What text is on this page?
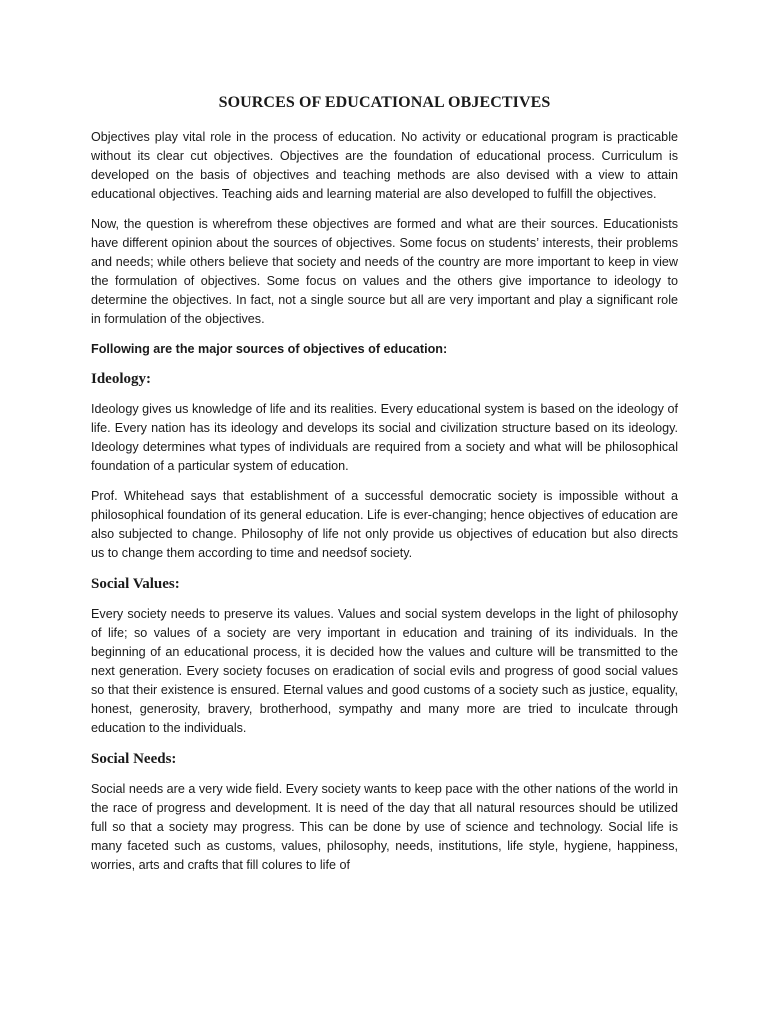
SOURCES OF EDUCATIONAL OBJECTIVES

Objectives play vital role in the process of education. No activity or educational program is practicable without its clear cut objectives. Objectives are the foundation of educational process. Curriculum is developed on the basis of objectives and teaching methods are also devised with a view to attain educational objectives. Teaching aids and learning material are also developed to fulfill the objectives.

Now, the question is wherefrom these objectives are formed and what are their sources. Educationists have different opinion about the sources of objectives. Some focus on students’ interests, their problems and needs; while others believe that society and needs of the country are more important to keep in view the formulation of objectives. Some focus on values and the others give importance to ideology to determine the objectives. In fact, not a single source but all are very important and play a significant role in formulation of the objectives.

Following are the major sources of objectives of education:

Ideology:

Ideology gives us knowledge of life and its realities. Every educational system is based on the ideology of life. Every nation has its ideology and develops its social and civilization structure based on its ideology. Ideology determines what types of individuals are required from a society and what will be philosophical foundation of a particular system of education.

Prof. Whitehead says that establishment of a successful democratic society is impossible without a philosophical foundation of its general education. Life is ever-changing; hence objectives of education are also subjected to change. Philosophy of life not only provide us objectives of education but also directs us to change them according to time and needsof society.

Social Values:

Every society needs to preserve its values. Values and social system develops in the light of philosophy of life; so values of a society are very important in education and training of its individuals. In the beginning of an educational process, it is decided how the values and culture will be transmitted to the next generation. Every society focuses on eradication of social evils and progress of good social values so that their existence is ensured. Eternal values and good customs of a society such as justice, equality, honest, generosity, bravery, brotherhood, sympathy and many more are tried to inculcate through education to the individuals.

Social Needs:

Social needs are a very wide field. Every society wants to keep pace with the other nations of the world in the race of progress and development. It is need of the day that all natural resources should be utilized full so that a society may progress. This can be done by use of science and technology. Social life is many faceted such as customs, values, philosophy, needs, institutions, life style, hygiene, happiness, worries, arts and crafts that fill colures to life of
